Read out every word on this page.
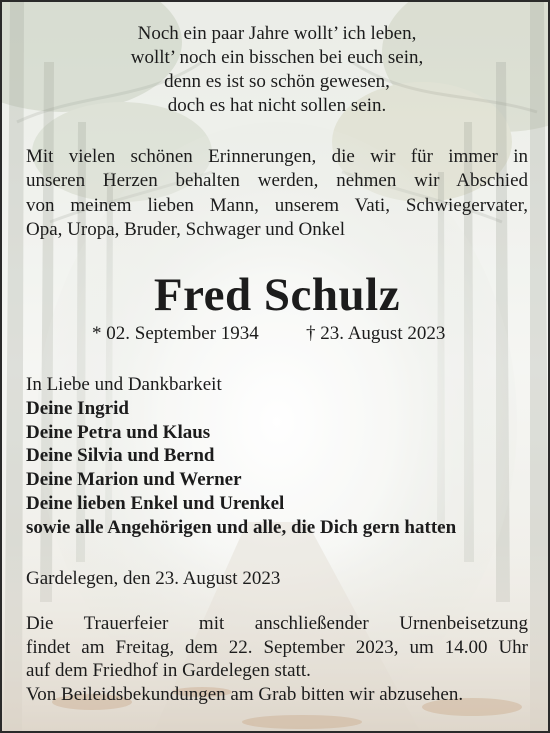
Noch ein paar Jahre wollt’ ich leben,
wollt’ noch ein bisschen bei euch sein,
denn es ist so schön gewesen,
doch es hat nicht sollen sein.
Mit vielen schönen Erinnerungen, die wir für immer in
unseren Herzen behalten werden, nehmen wir Abschied
von meinem lieben Mann, unserem Vati, Schwiegervater,
Opa, Uropa, Bruder, Schwager und Onkel
Fred Schulz
* 02. September 1934 † 23. August 2023
In Liebe und Dankbarkeit
Deine Ingrid
Deine Petra und Klaus
Deine Silvia und Bernd
Deine Marion und Werner
Deine lieben Enkel und Urenkel
sowie alle Angehörigen und alle, die Dich gern hatten
Gardelegen, den 23. August 2023
Die Trauerfeier mit anschließender Urnenbeisetzung
findet am Freitag, dem 22. September 2023, um 14.00 Uhr
auf dem Friedhof in Gardelegen statt.
Von Beileidsbekundungen am Grab bitten wir abzusehen.
